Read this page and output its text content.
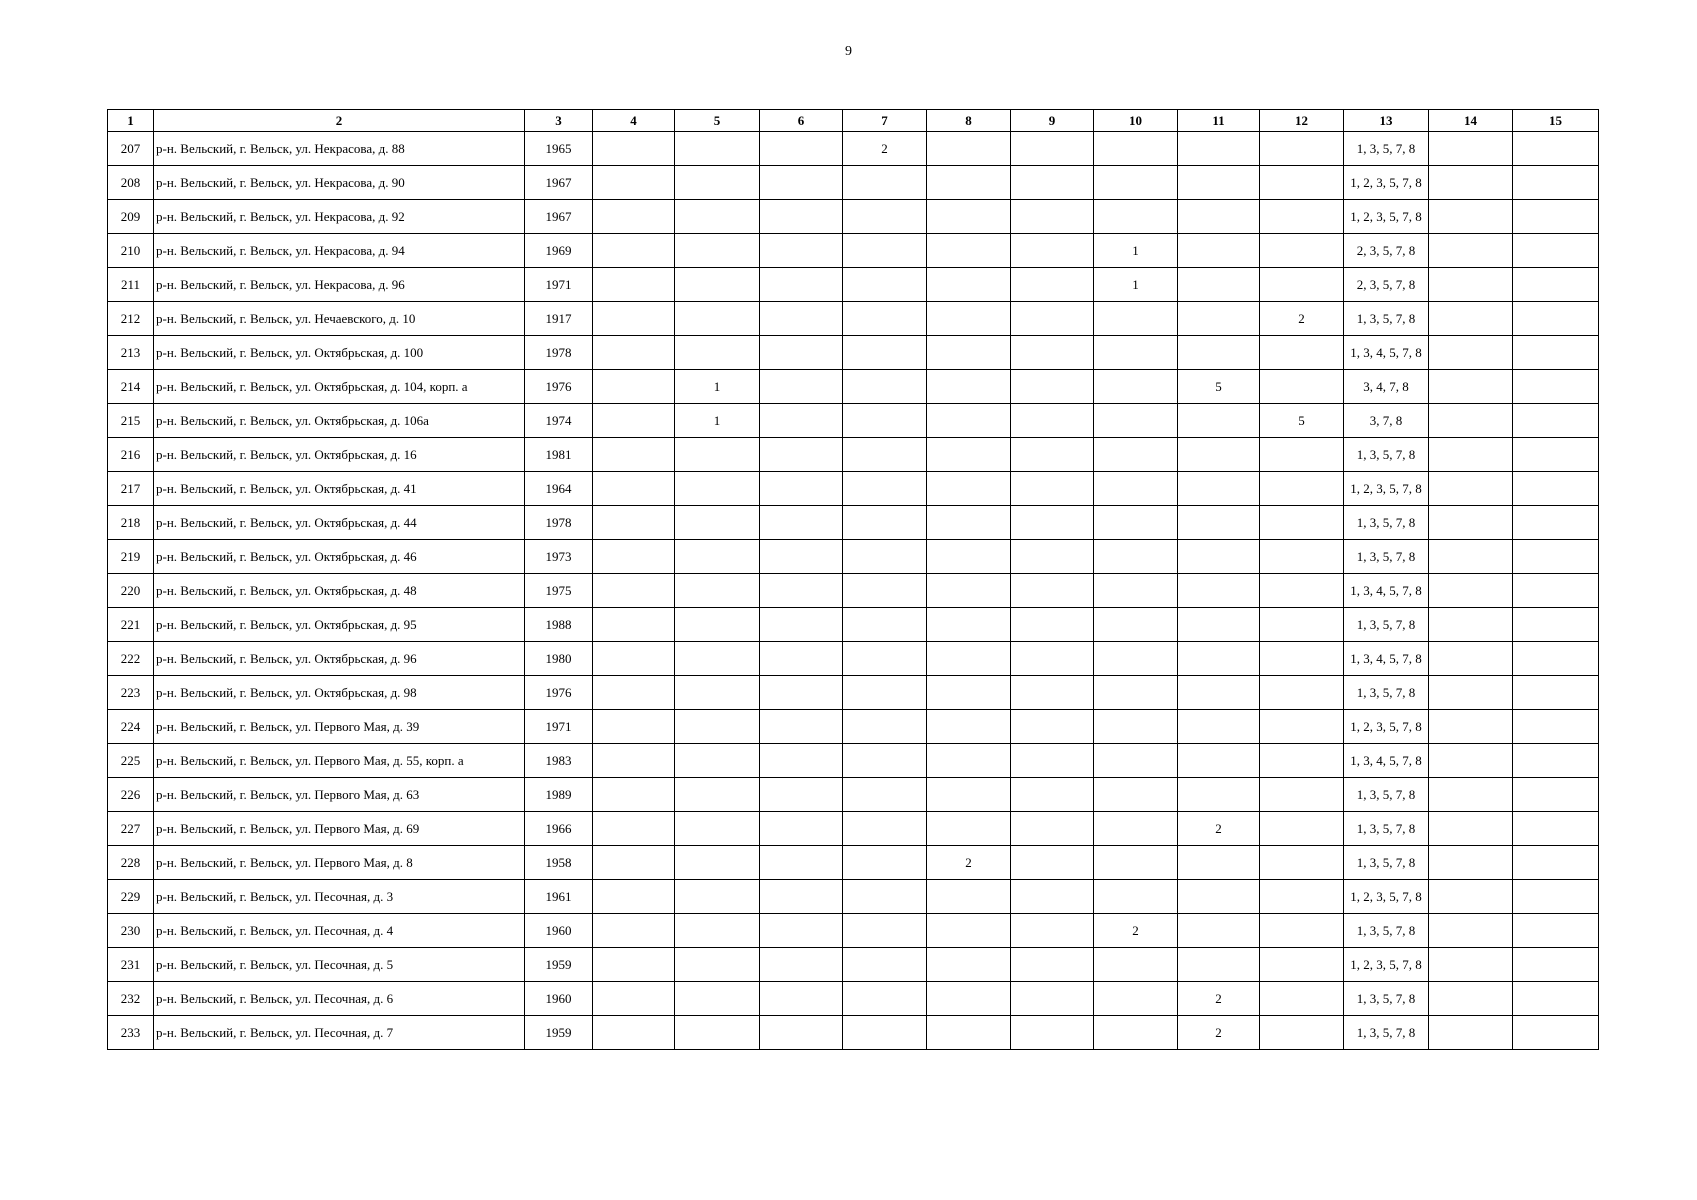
9
1	2	3	4	5	6	7	8	9	10	11	12	13	14	15
207	р-н. Вельский, г. Вельск, ул. Некрасова, д. 88	1965				2						1, 3, 5, 7, 8		
208	р-н. Вельский, г. Вельск, ул. Некрасова, д. 90	1967										1, 2, 3, 5, 7, 8		
209	р-н. Вельский, г. Вельск, ул. Некрасова, д. 92	1967										1, 2, 3, 5, 7, 8		
210	р-н. Вельский, г. Вельск, ул. Некрасова, д. 94	1969							1			2, 3, 5, 7, 8		
211	р-н. Вельский, г. Вельск, ул. Некрасова, д. 96	1971							1			2, 3, 5, 7, 8		
212	р-н. Вельский, г. Вельск, ул. Нечаевского, д. 10	1917									2	1, 3, 5, 7, 8		
213	р-н. Вельский, г. Вельск, ул. Октябрьская, д. 100	1978										1, 3, 4, 5, 7, 8		
214	р-н. Вельский, г. Вельск, ул. Октябрьская, д. 104, корп. а	1976		1						5		3, 4, 7, 8		
215	р-н. Вельский, г. Вельск, ул. Октябрьская, д. 106а	1974		1							5	3, 7, 8		
216	р-н. Вельский, г. Вельск, ул. Октябрьская, д. 16	1981										1, 3, 5, 7, 8		
217	р-н. Вельский, г. Вельск, ул. Октябрьская, д. 41	1964										1, 2, 3, 5, 7, 8		
218	р-н. Вельский, г. Вельск, ул. Октябрьская, д. 44	1978										1, 3, 5, 7, 8		
219	р-н. Вельский, г. Вельск, ул. Октябрьская, д. 46	1973										1, 3, 5, 7, 8		
220	р-н. Вельский, г. Вельск, ул. Октябрьская, д. 48	1975										1, 3, 4, 5, 7, 8		
221	р-н. Вельский, г. Вельск, ул. Октябрьская, д. 95	1988										1, 3, 5, 7, 8		
222	р-н. Вельский, г. Вельск, ул. Октябрьская, д. 96	1980										1, 3, 4, 5, 7, 8		
223	р-н. Вельский, г. Вельск, ул. Октябрьская, д. 98	1976										1, 3, 5, 7, 8		
224	р-н. Вельский, г. Вельск, ул. Первого Мая, д. 39	1971										1, 2, 3, 5, 7, 8		
225	р-н. Вельский, г. Вельск, ул. Первого Мая, д. 55, корп. а	1983										1, 3, 4, 5, 7, 8		
226	р-н. Вельский, г. Вельск, ул. Первого Мая, д. 63	1989										1, 3, 5, 7, 8		
227	р-н. Вельский, г. Вельск, ул. Первого Мая, д. 69	1966								2		1, 3, 5, 7, 8		
228	р-н. Вельский, г. Вельск, ул. Первого Мая, д. 8	1958					2					1, 3, 5, 7, 8		
229	р-н. Вельский, г. Вельск, ул. Песочная, д. 3	1961										1, 2, 3, 5, 7, 8		
230	р-н. Вельский, г. Вельск, ул. Песочная, д. 4	1960							2			1, 3, 5, 7, 8		
231	р-н. Вельский, г. Вельск, ул. Песочная, д. 5	1959										1, 2, 3, 5, 7, 8		
232	р-н. Вельский, г. Вельск, ул. Песочная, д. 6	1960								2		1, 3, 5, 7, 8		
233	р-н. Вельский, г. Вельск, ул. Песочная, д. 7	1959								2		1, 3, 5, 7, 8		
